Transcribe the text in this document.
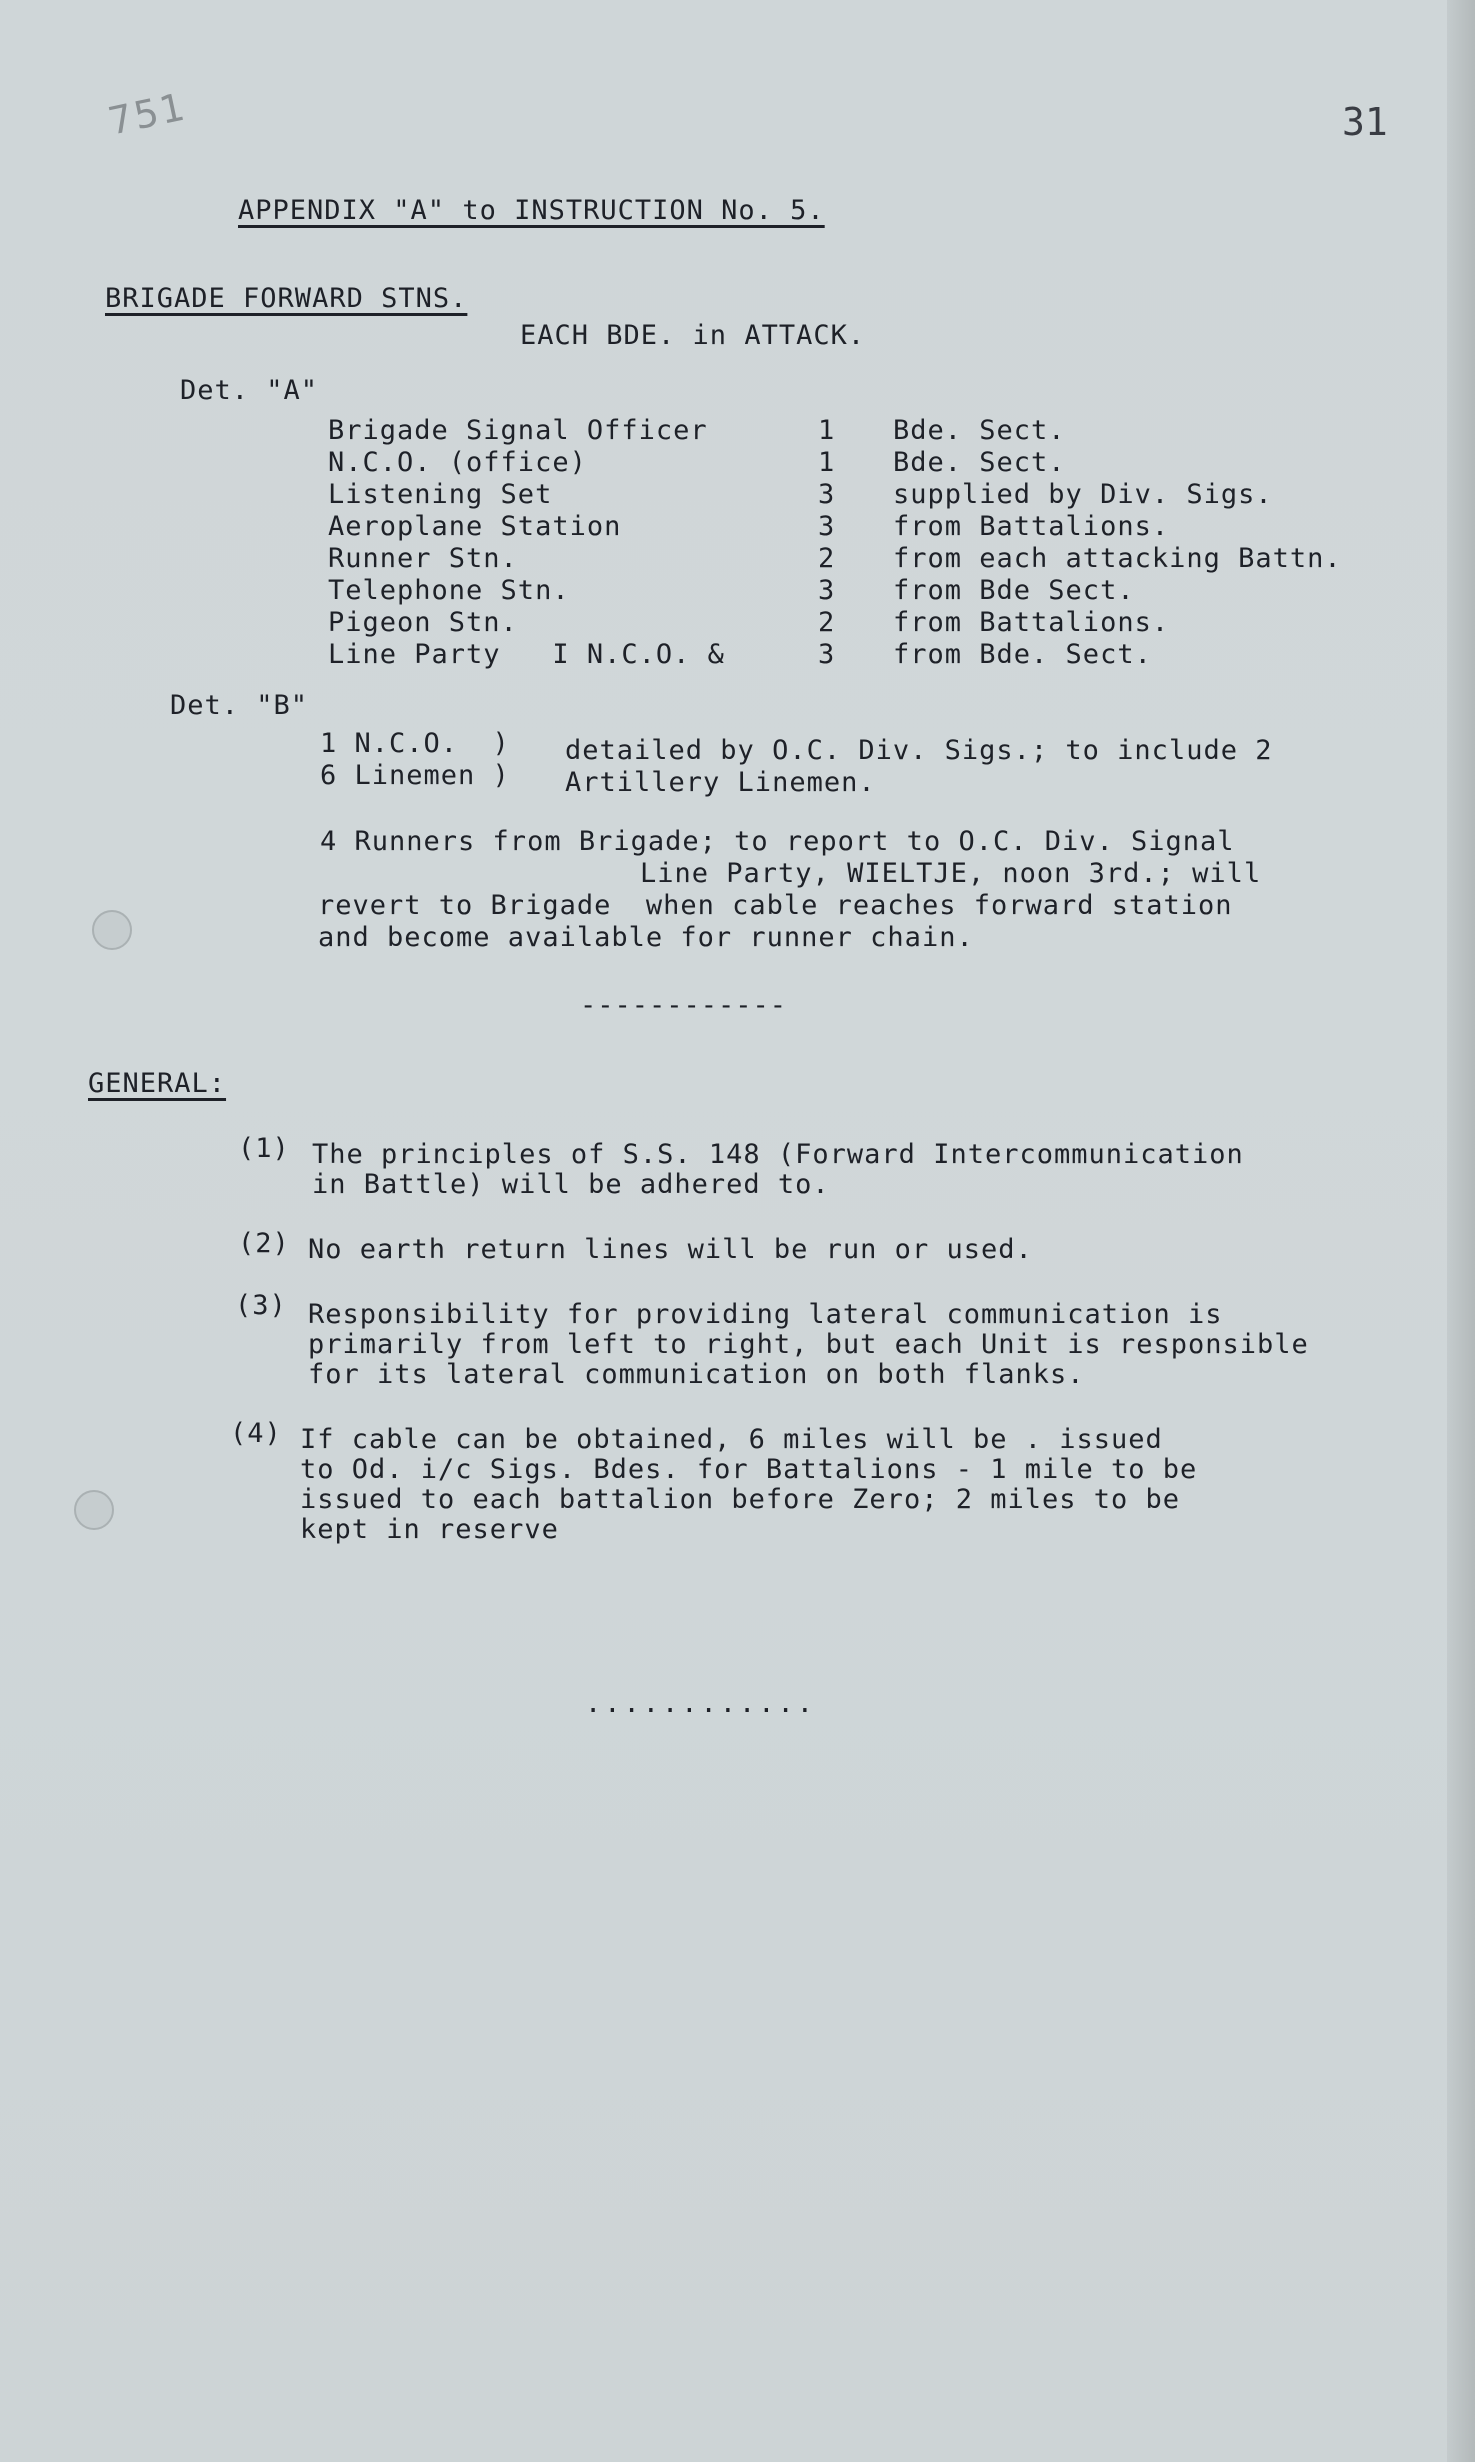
751	31
APPENDIX "A" to INSTRUCTION No. 5.
BRIGADE FORWARD STNS.
EACH BDE. in ATTACK.
Det. "A"
Brigade Signal Officer	1 Bde. Sect.
N.C.O. (office)	1 Bde. Sect.
Listening Set	3 supplied by Div. Sigs.
Aeroplane Station	3 from Battalions.
Runner Stn.	2 from each attacking Battn.
Telephone Stn.	3 from Bde Sect.
Pigeon Stn.	2 from Battalions.
Line Party   I N.C.O. &	3 from Bde. Sect.
Det. "B"
1 N.C.O.  ) detailed by O.C. Div. Sigs.; to include 2
6 Linemen ) Artillery Linemen.
4 Runners from Brigade; to report to O.C. Div. Signal
Line Party, WIELTJE, noon 3rd.; will
revert to Brigade  when cable reaches forward station
and become available for runner chain.
------------
GENERAL:
(1) The principles of S.S. 148 (Forward Intercommunication
in Battle) will be adhered to.
(2) No earth return lines will be run or used.
(3) Responsibility for providing lateral communication is
primarily from left to right, but each Unit is responsible
for its lateral communication on both flanks.
(4) If cable can be obtained, 6 miles will be . issued
to Od. i/c Sigs. Bdes. for Battalions - 1 mile to be
issued to each battalion before Zero; 2 miles to be
kept in reserve
............
